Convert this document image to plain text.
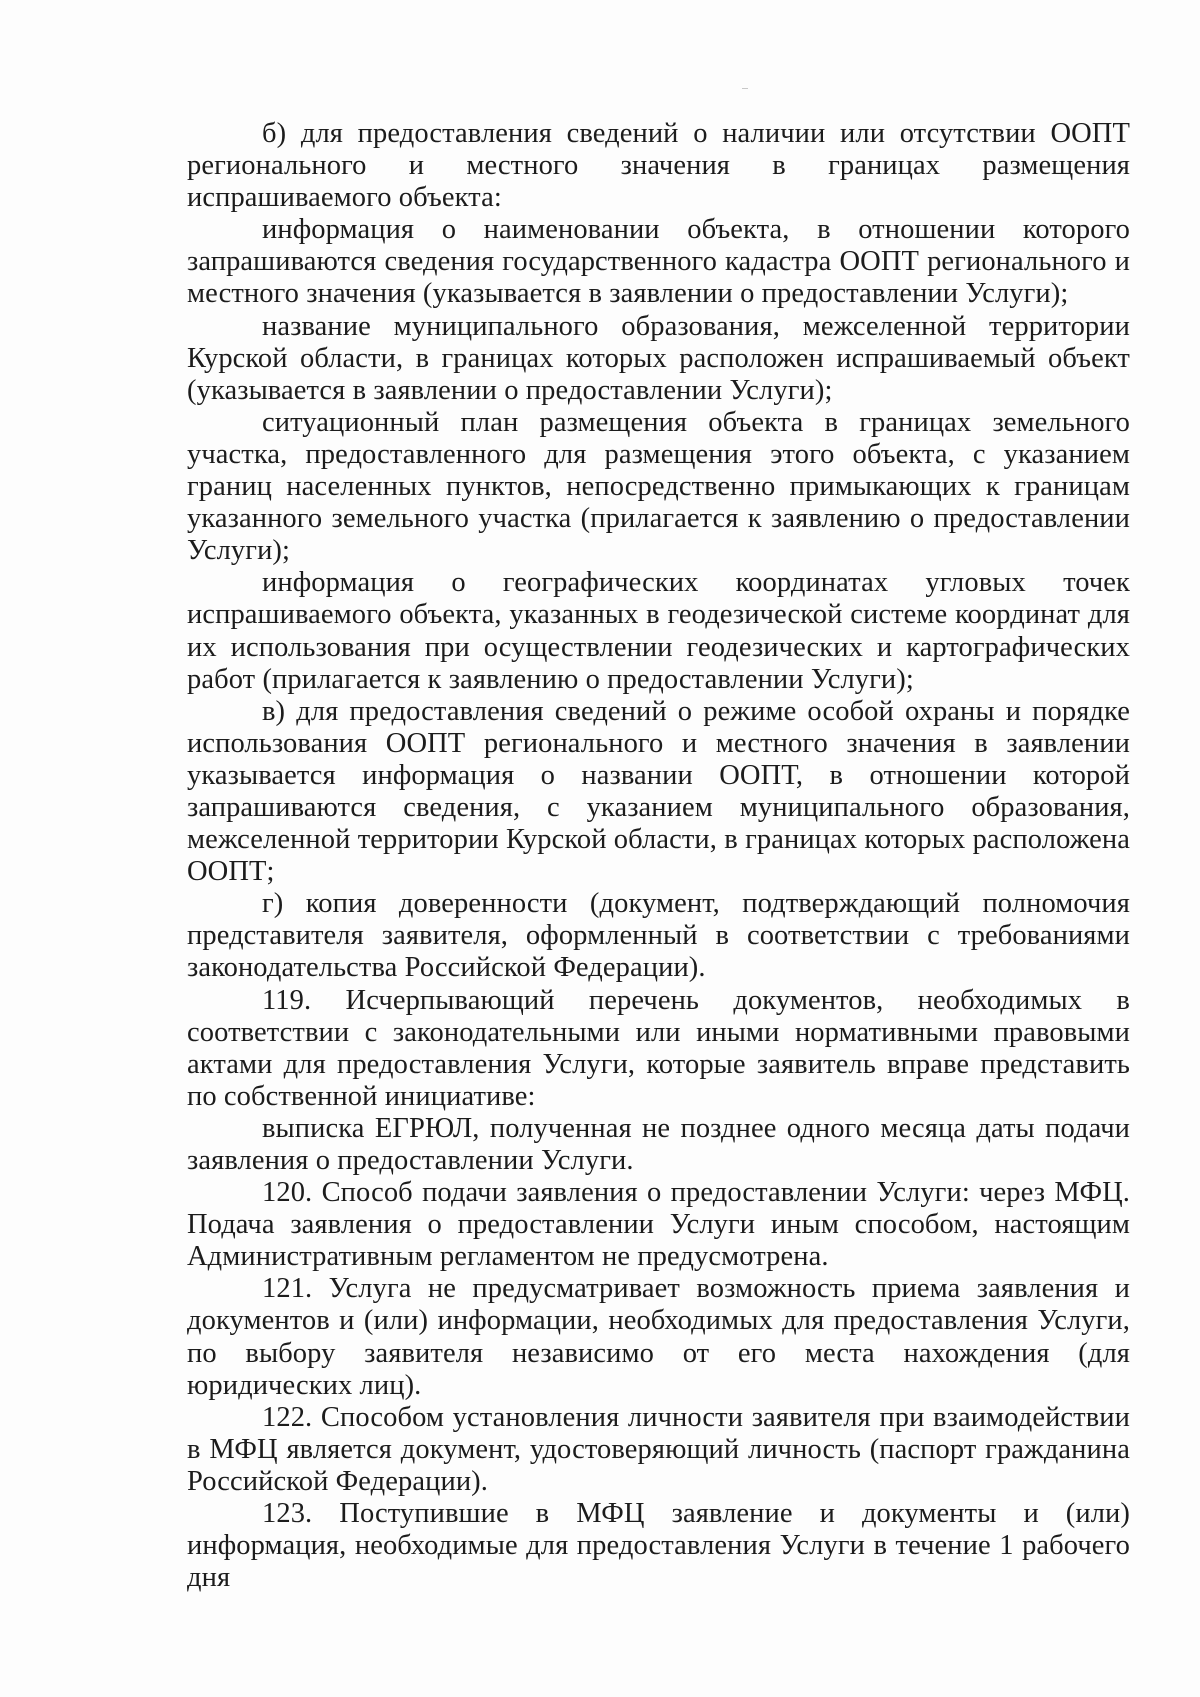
б) для предоставления сведений о наличии или отсутствии ООПТ регионального и местного значения в границах размещения испрашиваемого объекта:

информация о наименовании объекта, в отношении которого запрашиваются сведения государственного кадастра ООПТ регионального и местного значения (указывается в заявлении о предоставлении Услуги);

название муниципального образования, межселенной территории Курской области, в границах которых расположен испрашиваемый объект (указывается в заявлении о предоставлении Услуги);

ситуационный план размещения объекта в границах земельного участка, предоставленного для размещения этого объекта, с указанием границ населенных пунктов, непосредственно примыкающих к границам указанного земельного участка (прилагается к заявлению о предоставлении Услуги);

информация о географических координатах угловых точек испрашиваемого объекта, указанных в геодезической системе координат для их использования при осуществлении геодезических и картографических работ (прилагается к заявлению о предоставлении Услуги);

в) для предоставления сведений о режиме особой охраны и порядке использования ООПТ регионального и местного значения в заявлении указывается информация о названии ООПТ, в отношении которой запрашиваются сведения, с указанием муниципального образования, межселенной территории Курской области, в границах которых расположена ООПТ;

г) копия доверенности (документ, подтверждающий полномочия представителя заявителя, оформленный в соответствии с требованиями законодательства Российской Федерации).

119. Исчерпывающий перечень документов, необходимых в соответствии с законодательными или иными нормативными правовыми актами для предоставления Услуги, которые заявитель вправе представить по собственной инициативе:

выписка ЕГРЮЛ, полученная не позднее одного месяца даты подачи заявления о предоставлении Услуги.

120. Способ подачи заявления о предоставлении Услуги: через МФЦ. Подача заявления о предоставлении Услуги иным способом, настоящим Административным регламентом не предусмотрена.

121. Услуга не предусматривает возможность приема заявления и документов и (или) информации, необходимых для предоставления Услуги, по выбору заявителя независимо от его места нахождения (для юридических лиц).

122. Способом установления личности заявителя при взаимодействии в МФЦ является документ, удостоверяющий личность (паспорт гражданина Российской Федерации).

123. Поступившие в МФЦ заявление и документы и (или) информация, необходимые для предоставления Услуги в течение 1 рабочего дня
